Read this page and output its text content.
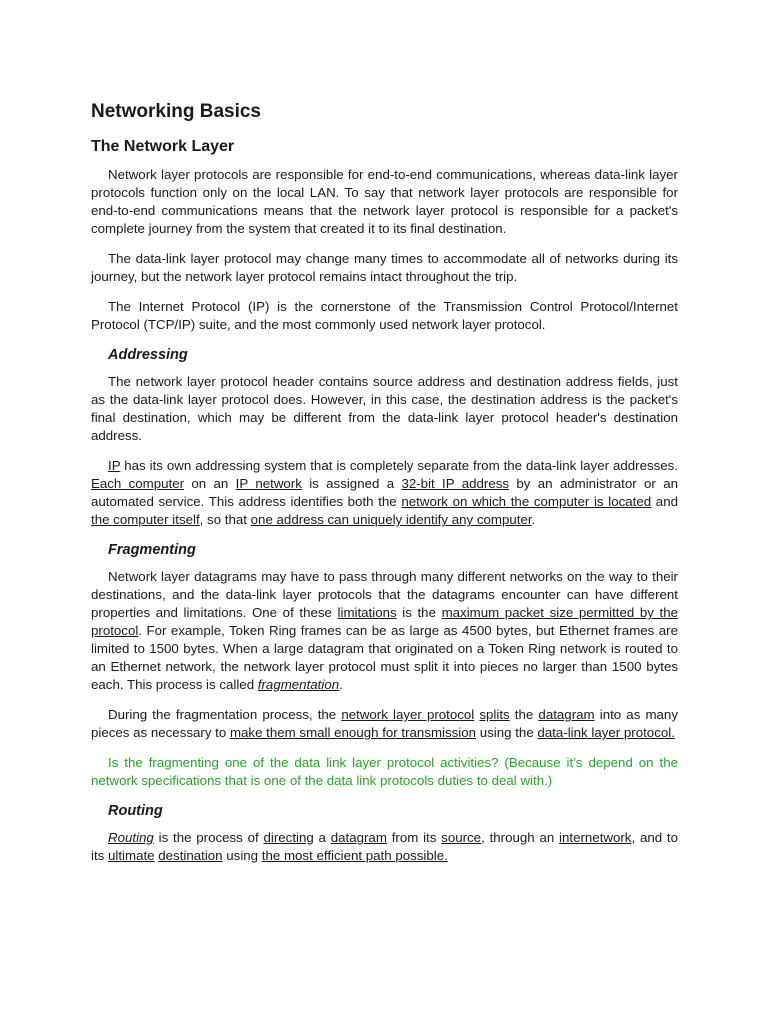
Networking Basics
The Network Layer

Network layer protocols are responsible for end-to-end communications, whereas data-link layer protocols function only on the local LAN. To say that network layer protocols are responsible for end-to-end communications means that the network layer protocol is responsible for a packet's complete journey from the system that created it to its final destination.

The data-link layer protocol may change many times to accommodate all of networks during its journey, but the network layer protocol remains intact throughout the trip.

The Internet Protocol (IP) is the cornerstone of the Transmission Control Protocol/Internet Protocol (TCP/IP) suite, and the most commonly used network layer protocol.

Addressing

The network layer protocol header contains source address and destination address fields, just as the data-link layer protocol does. However, in this case, the destination address is the packet's final destination, which may be different from the data-link layer protocol header's destination address.

IP has its own addressing system that is completely separate from the data-link layer addresses. Each computer on an IP network is assigned a 32-bit IP address by an administrator or an automated service. This address identifies both the network on which the computer is located and the computer itself, so that one address can uniquely identify any computer.

Fragmenting

Network layer datagrams may have to pass through many different networks on the way to their destinations, and the data-link layer protocols that the datagrams encounter can have different properties and limitations. One of these limitations is the maximum packet size permitted by the protocol. For example, Token Ring frames can be as large as 4500 bytes, but Ethernet frames are limited to 1500 bytes. When a large datagram that originated on a Token Ring network is routed to an Ethernet network, the network layer protocol must split it into pieces no larger than 1500 bytes each. This process is called fragmentation.

During the fragmentation process, the network layer protocol splits the datagram into as many pieces as necessary to make them small enough for transmission using the data-link layer protocol.

Is the fragmenting one of the data link layer protocol activities? (Because it’s depend on the network specifications that is one of the data link protocols duties to deal with.)

Routing

Routing is the process of directing a datagram from its source, through an internetwork, and to its ultimate destination using the most efficient path possible.
